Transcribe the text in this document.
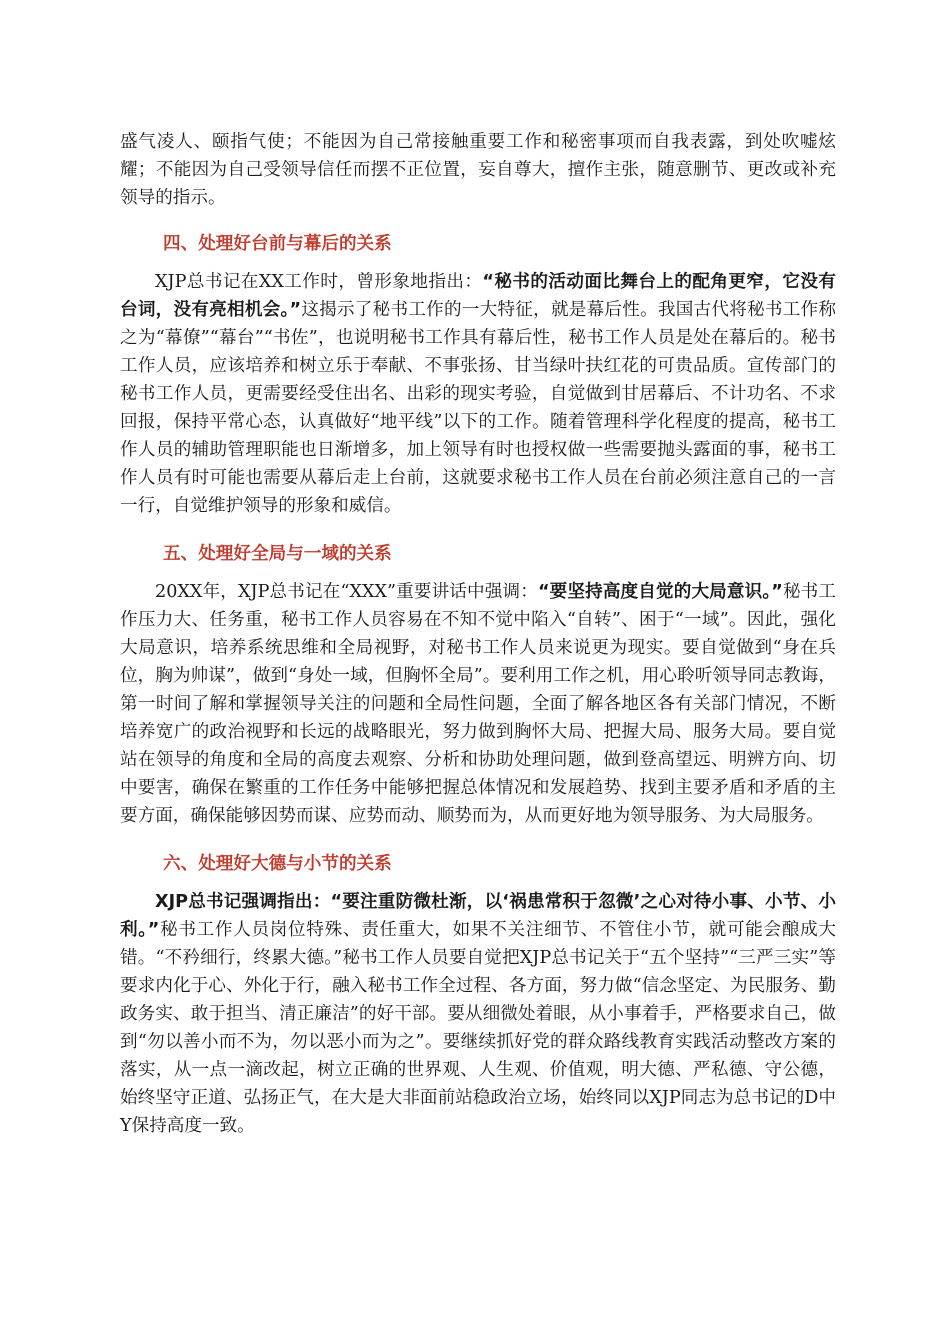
盛气凌人、颐指气使；不能因为自己常接触重要工作和秘密事项而自我表露，到处吹嘘炫耀；不能因为自己受领导信任而摆不正位置，妄自尊大，擅作主张，随意删节、更改或补充领导的指示。

四、处理好台前与幕后的关系

XJP总书记在XX工作时，曾形象地指出：“秘书的活动面比舞台上的配角更窄，它没有台词，没有亮相机会。”这揭示了秘书工作的一大特征，就是幕后性。我国古代将秘书工作称之为“幕僚”“幕台”“书佐”，也说明秘书工作具有幕后性，秘书工作人员是处在幕后的。秘书工作人员，应该培养和树立乐于奉献、不事张扬、甘当绿叶扶红花的可贵品质。宣传部门的秘书工作人员，更需要经受住出名、出彩的现实考验，自觉做到甘居幕后、不计功名、不求回报，保持平常心态，认真做好“地平线”以下的工作。随着管理科学化程度的提高，秘书工作人员的辅助管理职能也日渐增多，加上领导有时也授权做一些需要抛头露面的事，秘书工作人员有时可能也需要从幕后走上台前，这就要求秘书工作人员在台前必须注意自己的一言一行，自觉维护领导的形象和威信。

五、处理好全局与一域的关系

20XX年，XJP总书记在“XXX”重要讲话中强调：“要坚持高度自觉的大局意识。”秘书工作压力大、任务重，秘书工作人员容易在不知不觉中陷入“自转”、困于“一域”。因此，强化大局意识，培养系统思维和全局视野，对秘书工作人员来说更为现实。要自觉做到“身在兵位，胸为帅谋”，做到“身处一域，但胸怀全局”。要利用工作之机，用心聆听领导同志教诲，第一时间了解和掌握领导关注的问题和全局性问题，全面了解各地区各有关部门情况，不断培养宽广的政治视野和长远的战略眼光，努力做到胸怀大局、把握大局、服务大局。要自觉站在领导的角度和全局的高度去观察、分析和协助处理问题，做到登高望远、明辨方向、切中要害，确保在繁重的工作任务中能够把握总体情况和发展趋势、找到主要矛盾和矛盾的主要方面，确保能够因势而谋、应势而动、顺势而为，从而更好地为领导服务、为大局服务。

六、处理好大德与小节的关系

XJP总书记强调指出：“要注重防微杜渐，以‘祸患常积于忽微’之心对待小事、小节、小利。”秘书工作人员岗位特殊、责任重大，如果不关注细节、不管住小节，就可能会酿成大错。“不矜细行，终累大德。”秘书工作人员要自觉把XJP总书记关于“五个坚持”“三严三实”等要求内化于心、外化于行，融入秘书工作全过程、各方面，努力做“信念坚定、为民服务、勤政务实、敢于担当、清正廉洁”的好干部。要从细微处着眼，从小事着手，严格要求自己，做到“勿以善小而不为，勿以恶小而为之”。要继续抓好党的群众路线教育实践活动整改方案的落实，从一点一滴改起，树立正确的世界观、人生观、价值观，明大德、严私德、守公德，始终坚守正道、弘扬正气，在大是大非面前站稳政治立场，始终同以XJP同志为总书记的D中Y保持高度一致。
